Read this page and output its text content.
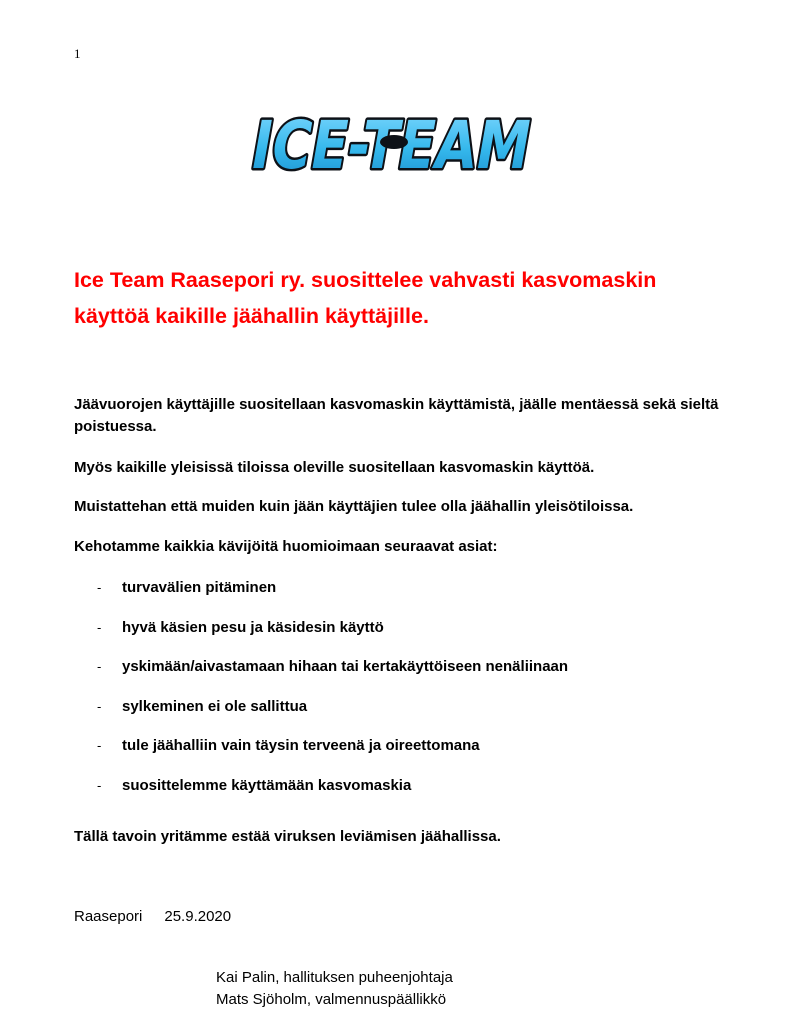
1
ICE-TEAM

Ice Team Raasepori ry. suosittelee vahvasti kasvomaskin käyttöä kaikille jäähallin käyttäjille.

Jäävuorojen käyttäjille suositellaan kasvomaskin käyttämistä, jäälle mentäessä sekä sieltä poistuessa.

Myös kaikille yleisissä tiloissa oleville suositellaan kasvomaskin käyttöä.

Muistattehan että muiden kuin jään käyttäjien tulee olla jäähallin yleisötiloissa.

Kehotamme kaikkia kävijöitä huomioimaan seuraavat asiat:

-	turvavälien pitäminen
-	hyvä käsien pesu ja käsidesin käyttö
-	yskimään/aivastamaan hihaan tai kertakäyttöiseen nenäliinaan
-	sylkeminen ei ole sallittua
-	tule jäähalliin vain täysin terveenä ja oireettomana
-	suosittelemme käyttämään kasvomaskia

Tällä tavoin yritämme estää viruksen leviämisen jäähallissa.

Raasepori 25.9.2020
Kai Palin, hallituksen puheenjohtaja
Mats Sjöholm, valmennuspäällikkö
